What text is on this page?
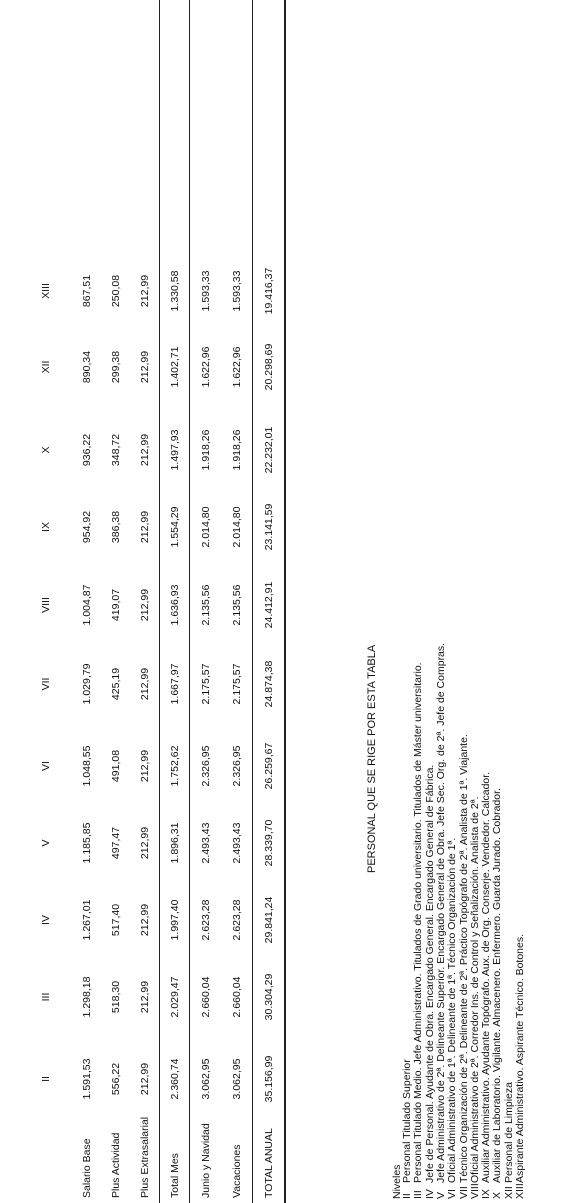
II
III
IV
V
VI
VII
VIII
IX
X
XII
XIII
Salario Base
1.591,53
1.298,18
1.267,01
1.185,85
1.048,55
1.029,79
1.004,87
954,92
936,22
890,34
867,51
Plus Actividad
556,22
518,30
517,40
497,47
491,08
425,19
419,07
386,38
348,72
299,38
250,08
Plus Extrasalarial
212,99
212,99
212,99
212,99
212,99
212,99
212,99
212,99
212,99
212,99
212,99
Total Mes
2.360,74
2.029,47
1.997,40
1.896,31
1.752,62
1.667,97
1.636,93
1.554,29
1.497,93
1.402,71
1.330,58
Junio y Navidad
3.062,95
2.660,04
2.623,28
2.493,43
2.326,95
2.175,57
2.135,56
2.014,80
1.918,26
1.622,96
1.593,33
Vacaciones
3.062,95
2.660,04
2.623,28
2.493,43
2.326,95
2.175,57
2.135,56
2.014,80
1.918,26
1.622,96
1.593,33
TOTAL ANUAL
35.156,99
30.304,29
29.841,24
28.339,70
26.259,67
24.874,38
24.412,91
23.141,59
22.232,01
20.298,69
19.416,37
PERSONAL QUE SE RIGE POR ESTA TABLA
Niveles
II
Personal Titulado Superior
III
Personal Titulado Medio. Jefe Administrativo. Titulados de Grado universitario. Titulados de Máster universitario.
IV
Jefe de Personal. Ayudante de Obra. Encargado General. Encargado General de Fábrica.
V
Jefe Administrativo de 2ª. Delineante Superior. Encargado General de Obra. Jefe Sec. Org. de 2ª. Jefe de Compras.
VI
Oficial Administrativo de 1ª. Delineante de 1ª. Técnico Organización de 1ª.
VII
Técnico Organización de 2ª. Delineante de 2ª. Práctico Topógrafo de 2ª. Analista de 1ª. Viajante.
VIII
Oficial Administrativo de 2ª. Corredor Ins. de Control y Señalización. Analista de 2ª.
IX
Auxiliar Administrativo. Ayudante Topógrafo. Aux. de Org. Conserje. Vendedor. Calcador.
X
Auxiliar de Laboratorio. Vigilante. Almacenero. Enfermero. Guarda Jurado. Cobrador.
XII
Personal de Limpieza
XIII
Aspirante Administrativo. Aspirante Técnico. Botones.
